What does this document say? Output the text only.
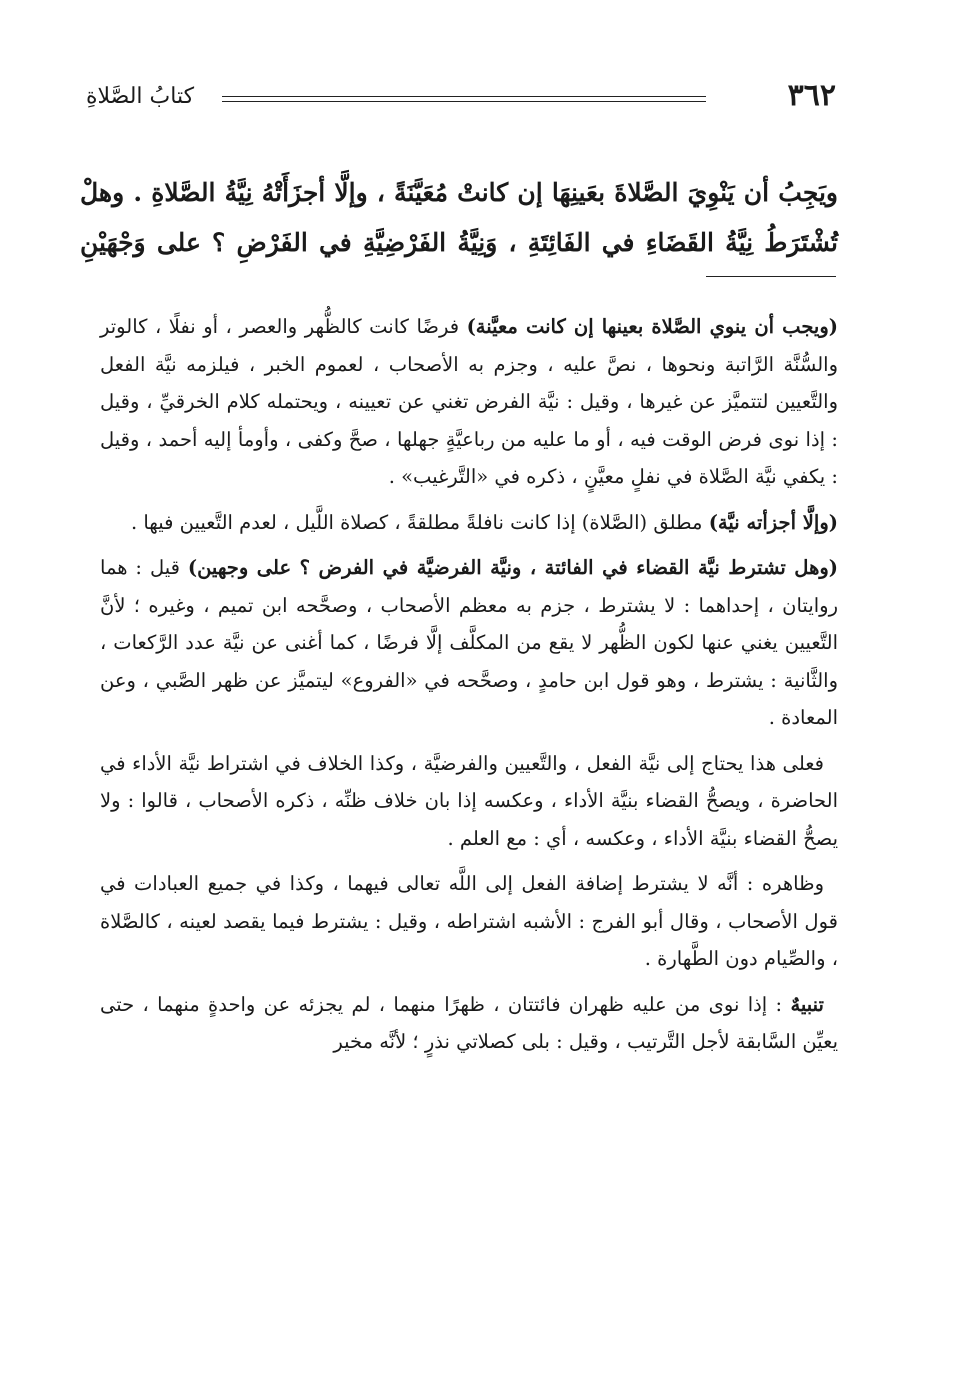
٣٦٢
كتابُ الصَّلاةِ
ويَجِبُ أن يَنْوِيَ الصَّلاةَ بعَينِهَا إن كانتْ مُعَيَّنَةً ، وإلَّا أجزَأَتْهُ نِيَّةُ الصَّلاةِ . وهلْ تُشْتَرَطُ نِيَّةُ القَضَاءِ في الفَائِتَةِ ، وَنِيَّةُ الفَرْضِيَّةِ في الفَرْضِ ؟ على وَجْهَيْنِ

(ويجب أن ينوي الصَّلاة بعينها إن كانت معيَّنة) فرضًا كانت كالظُّهر والعصر ، أو نفلًا ، كالوتر والسُّنَّة الرَّاتبة ونحوها ، نصَّ عليه ، وجزم به الأصحاب ، لعموم الخبر ، فيلزمه نيَّة الفعل والتَّعيين لتتميَّز عن غيرها ، وقيل : نيَّة الفرض تغني عن تعيينه ، ويحتمله كلام الخرقيِّ ، وقيل : إذا نوى فرض الوقت فيه ، أو ما عليه من رباعيَّةٍ جهلها ، صحَّ وكفى ، وأومأ إليه أحمد ، وقيل : يكفي نيَّة الصَّلاة في نفلٍ معيَّنٍ ، ذكره في «التَّرغيب» .

(وإلَّا أجزأته نيَّة) مطلق (الصَّلاة) إذا كانت نافلةً مطلقةً ، كصلاة اللَّيل ، لعدم التَّعيين فيها .

(وهل تشترط نيَّة القضاء في الفائتة ، ونيَّة الفرضيَّة في الفرض ؟ على وجهين) قيل : هما روايتان ، إحداهما : لا يشترط ، جزم به معظم الأصحاب ، وصحَّحه ابن تميم ، وغيره ؛ لأنَّ التَّعيين يغني عنها لكون الظُّهر لا يقع من المكلَّف إلَّا فرضًا ، كما أغنى عن نيَّة عدد الرَّكعات ، والثَّانية : يشترط ، وهو قول ابن حامدٍ ، وصحَّحه في «الفروع» ليتميَّز عن ظهر الصَّبي ، وعن المعادة .

فعلى هذا يحتاج إلى نيَّة الفعل ، والتَّعيين والفرضيَّة ، وكذا الخلاف في اشتراط نيَّة الأداء في الحاضرة ، ويصحُّ القضاء بنيَّة الأداء ، وعكسه إذا بان خلاف ظنِّه ، ذكره الأصحاب ، قالوا : ولا يصحُّ القضاء بنيَّة الأداء ، وعكسه ، أي : مع العلم .

وظاهره : أنَّه لا يشترط إضافة الفعل إلى اللَّه تعالى فيهما ، وكذا في جميع العبادات في قول الأصحاب ، وقال أبو الفرج : الأشبه اشتراطه ، وقيل : يشترط فيما يقصد لعينه ، كالصَّلاة ، والصِّيام دون الطَّهارة .

تنبيهٌ : إذا نوى من عليه ظهران فائتتان ، ظهرًا منهما ، لم يجزئه عن واحدةٍ منهما ، حتى يعيِّن السَّابقة لأجل التَّرتيب ، وقيل : بلى كصلاتي نذرٍ ؛ لأنَّه مخير
